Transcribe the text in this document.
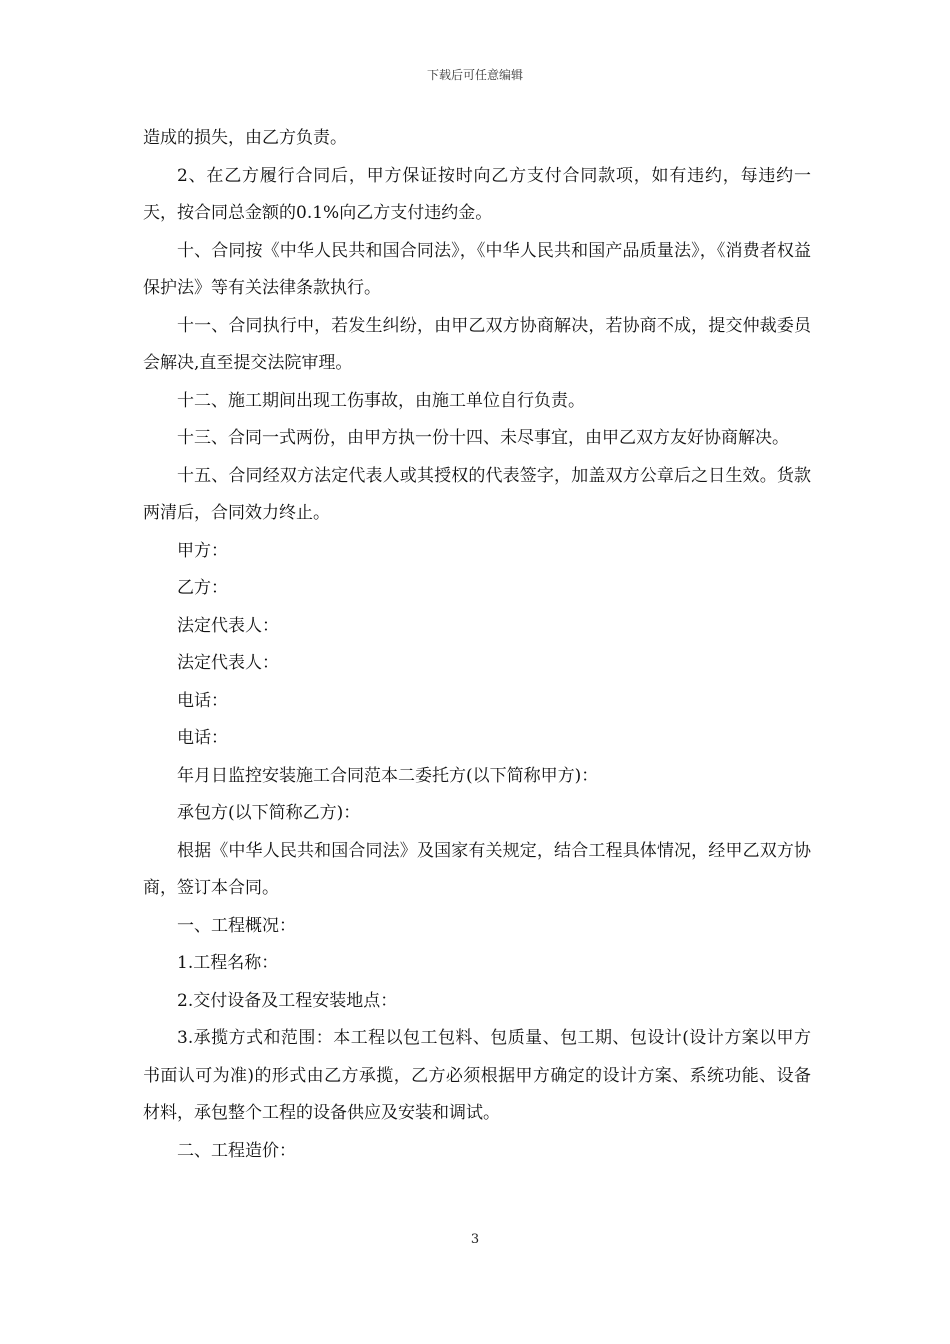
下载后可任意编辑

造成的损失，由乙方负责。

2、在乙方履行合同后，甲方保证按时向乙方支付合同款项，如有违约，每违约一天，按合同总金额的0.1%向乙方支付违约金。

十、合同按《中华人民共和国合同法》，《中华人民共和国产品质量法》，《消费者权益保护法》等有关法律条款执行。

十一、合同执行中，若发生纠纷，由甲乙双方协商解决，若协商不成，提交仲裁委员会解决,直至提交法院审理。

十二、施工期间出现工伤事故，由施工单位自行负责。

十三、合同一式两份，由甲方执一份十四、未尽事宜，由甲乙双方友好协商解决。

十五、合同经双方法定代表人或其授权的代表签字，加盖双方公章后之日生效。货款两清后，合同效力终止。

甲方：

乙方：

法定代表人：

法定代表人：

电话：

电话：

年月日监控安装施工合同范本二委托方(以下简称甲方)：

承包方(以下简称乙方)：

根据《中华人民共和国合同法》及国家有关规定，结合工程具体情况，经甲乙双方协商，签订本合同。

一、工程概况：

1.工程名称：

2.交付设备及工程安装地点：

3.承揽方式和范围：本工程以包工包料、包质量、包工期、包设计(设计方案以甲方书面认可为准)的形式由乙方承揽，乙方必须根据甲方确定的设计方案、系统功能、设备材料，承包整个工程的设备供应及安装和调试。

二、工程造价：

3
